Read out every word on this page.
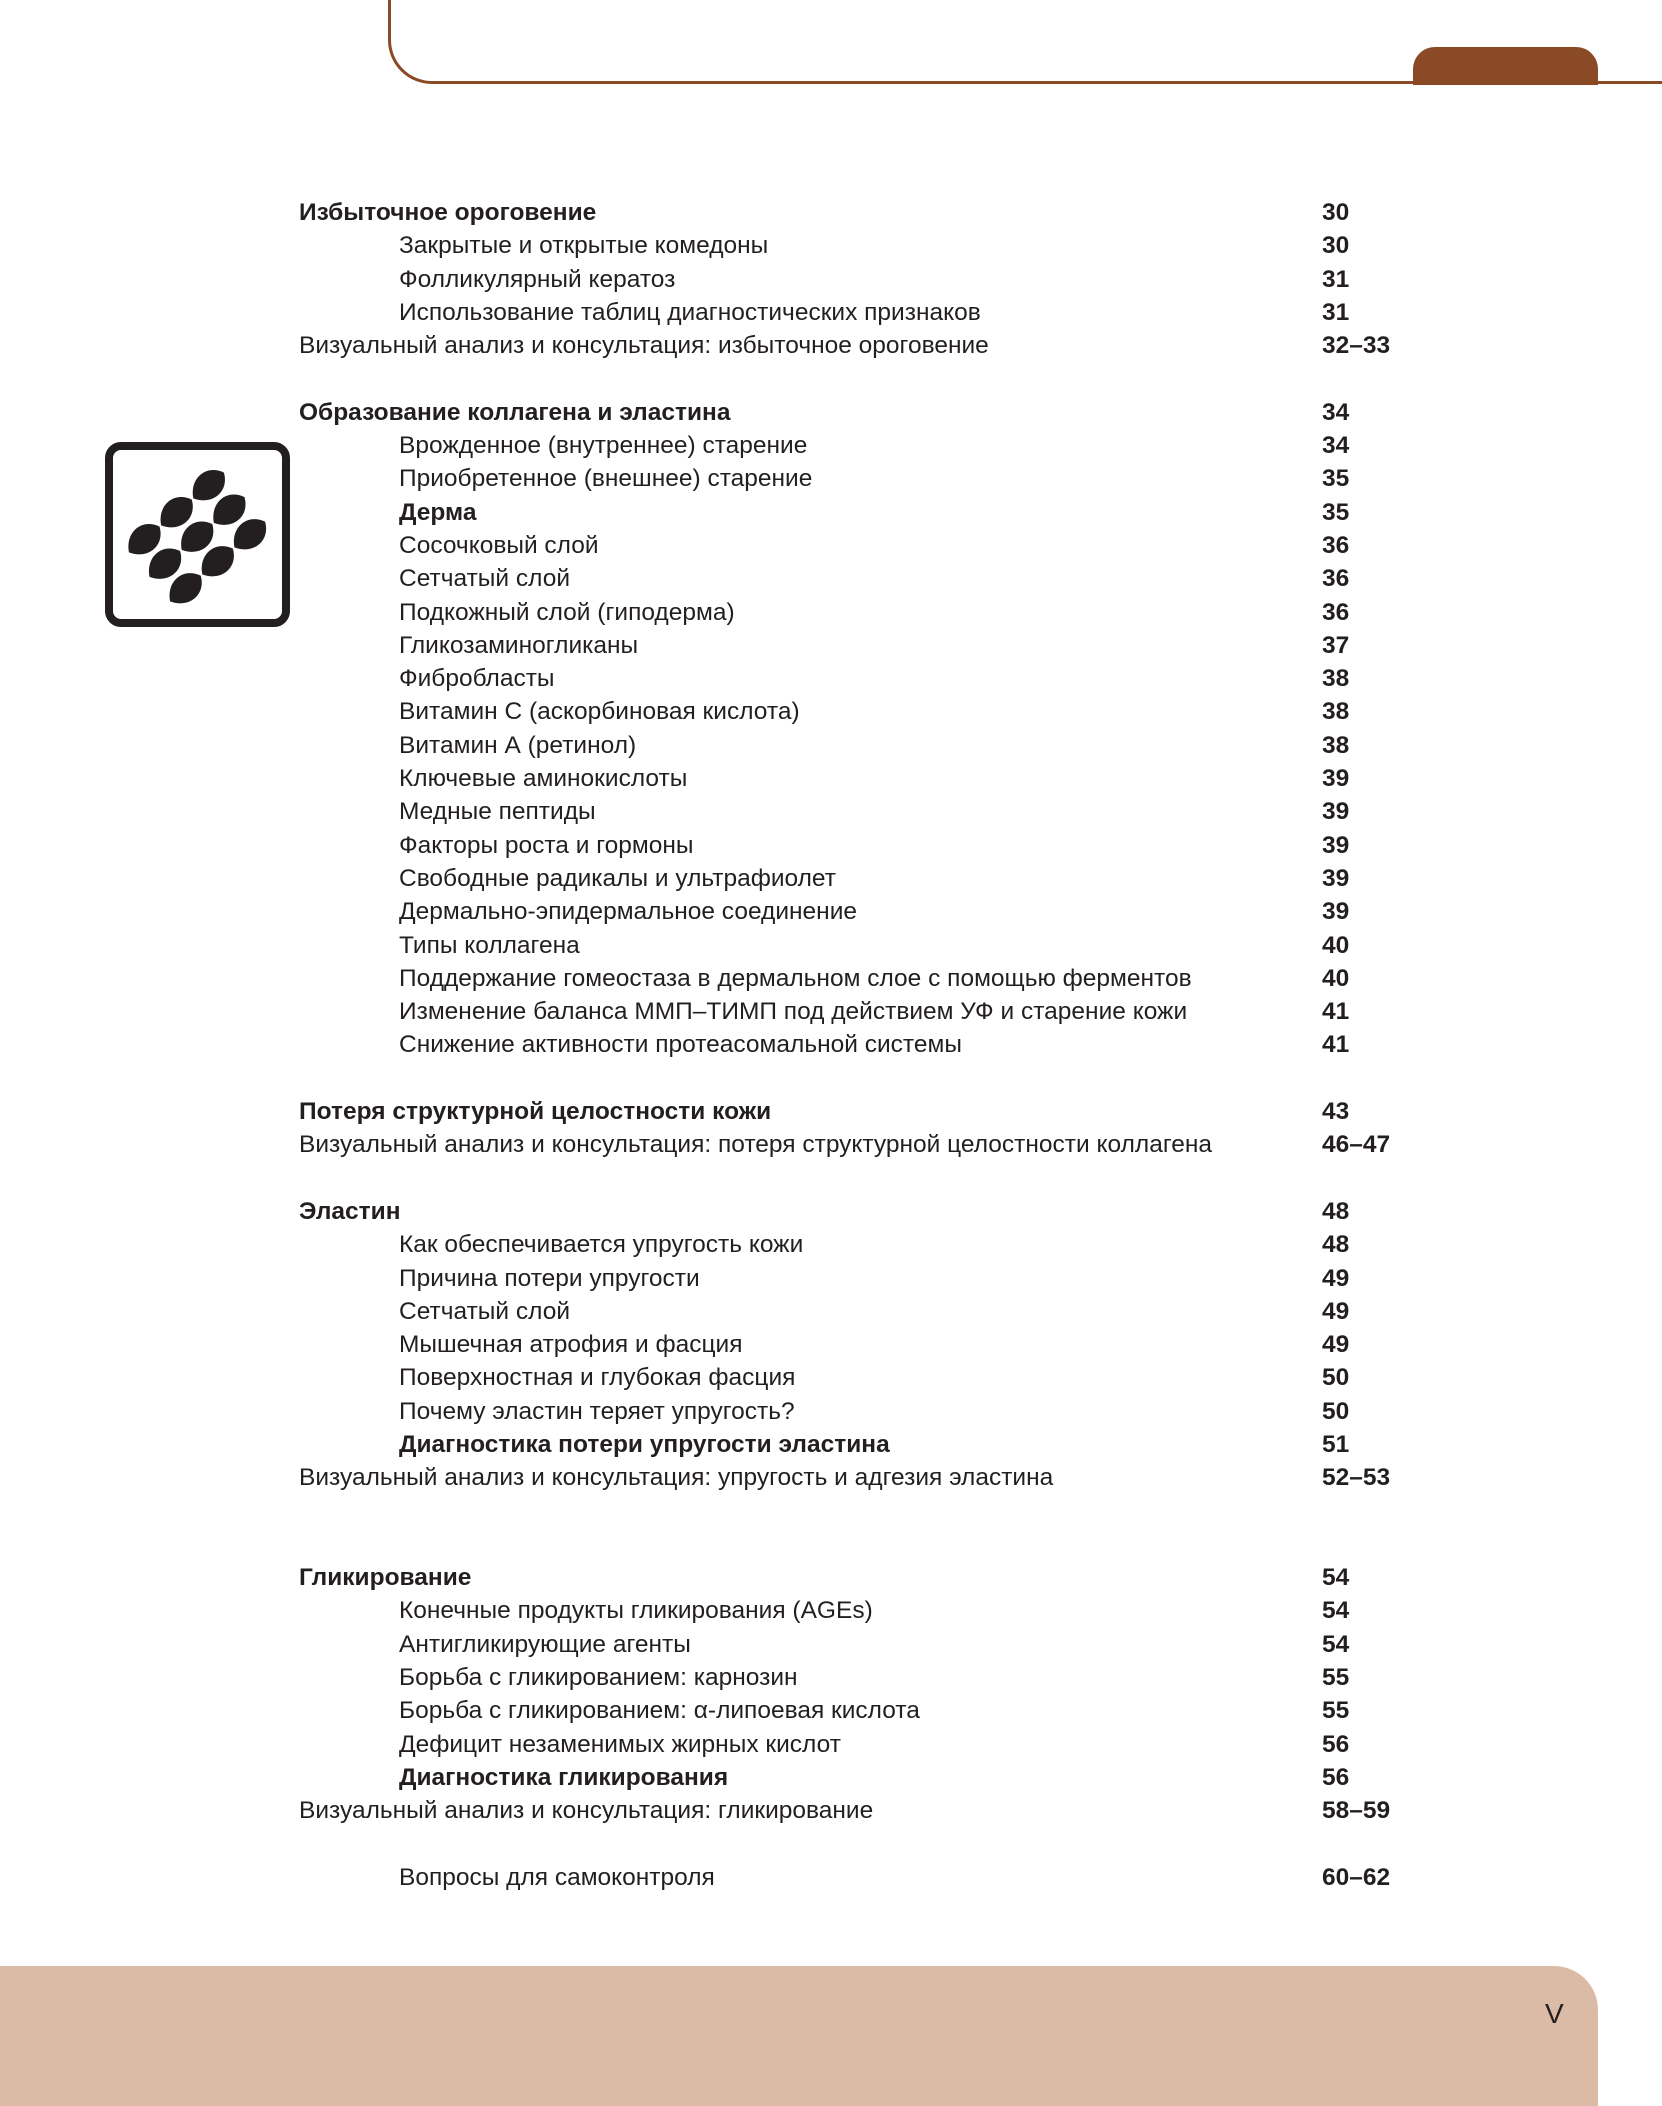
Избыточное ороговение	30
Закрытые и открытые комедоны	30
Фолликулярный кератоз	31
Использование таблиц диагностических признаков	31
Визуальный анализ и консультация: избыточное ороговение	32–33
Образование коллагена и эластина	34
Врожденное (внутреннее) старение	34
Приобретенное (внешнее) старение	35
Дерма	35
Сосочковый слой	36
Сетчатый слой	36
Подкожный слой (гиподерма)	36
Гликозаминогликаны	37
Фибробласты	38
Витамин С (аскорбиновая кислота)	38
Витамин А (ретинол)	38
Ключевые аминокислоты	39
Медные пептиды	39
Факторы роста и гормоны	39
Свободные радикалы и ультрафиолет	39
Дермально-эпидермальное соединение	39
Типы коллагена	40
Поддержание гомеостаза в дермальном слое с помощью ферментов	40
Изменение баланса ММП–ТИМП под действием УФ и старение кожи	41
Снижение активности протеасомальной системы	41
Потеря структурной целостности кожи	43
Визуальный анализ и консультация: потеря структурной целостности коллагена	46–47
Эластин	48
Как обеспечивается упругость кожи	48
Причина потери упругости	49
Сетчатый слой	49
Мышечная атрофия и фасция	49
Поверхностная и глубокая фасция	50
Почему эластин теряет упругость?	50
Диагностика потери упругости эластина	51
Визуальный анализ и консультация: упругость и адгезия эластина	52–53
Гликирование	54
Конечные продукты гликирования (AGEs)	54
Антигликирующие агенты	54
Борьба с гликированием: карнозин	55
Борьба с гликированием: α-липоевая кислота	55
Дефицит незаменимых жирных кислот	56
Диагностика гликирования	56
Визуальный анализ и консультация: гликирование	58–59
Вопросы для самоконтроля	60–62
V
